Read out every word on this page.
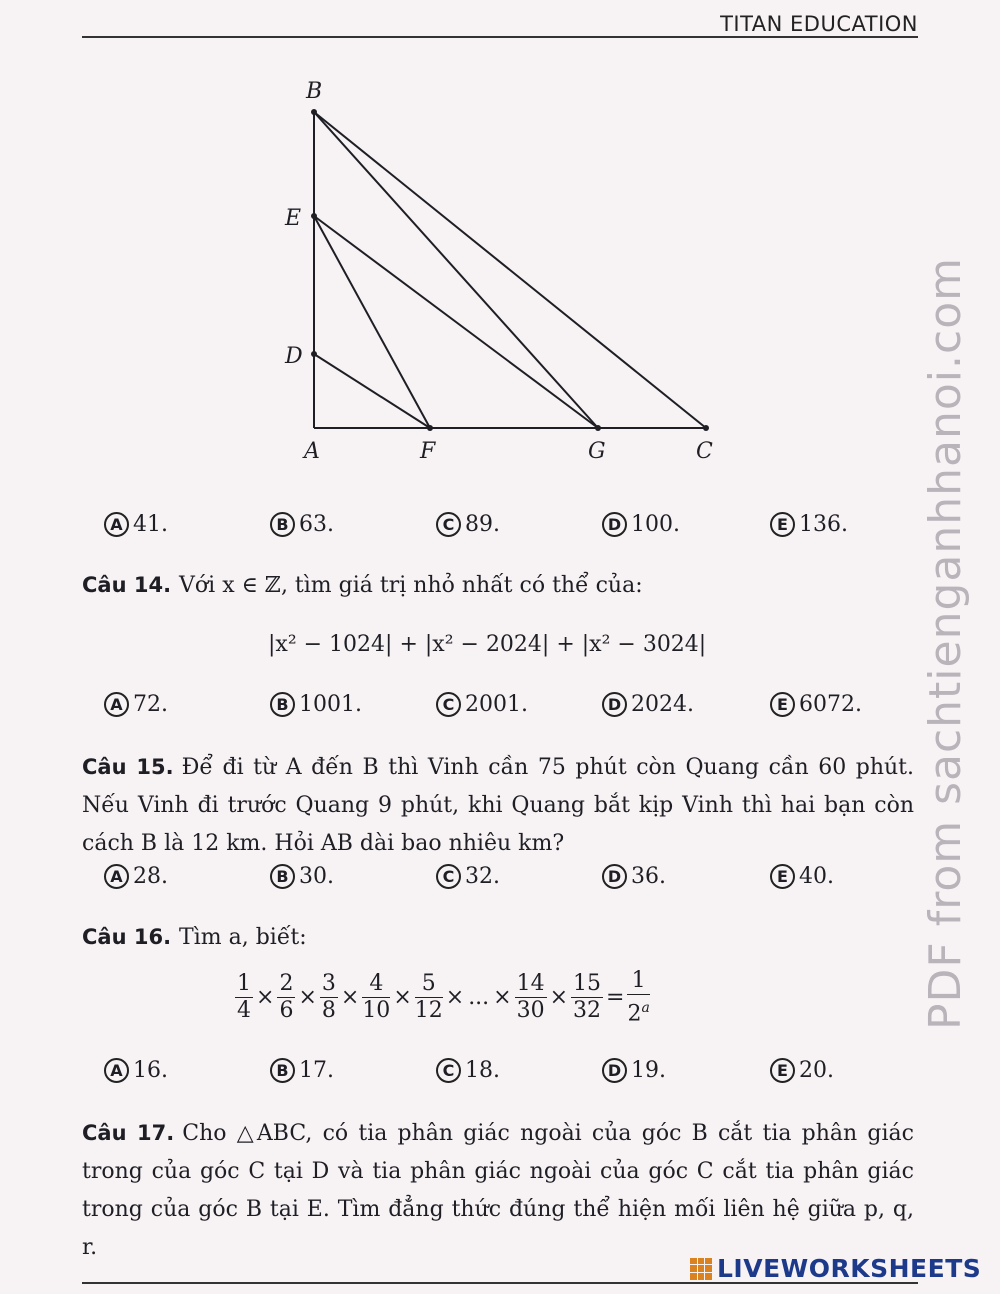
TITAN EDUCATION
B
E
D
A	F	G	C
A 41.	B 63.	C 89.	D 100.	E 136.
Câu 14. Với x ∈ ℤ, tìm giá trị nhỏ nhất có thể của:
|x² − 1024| + |x² − 2024| + |x² − 3024|
A 72.	B 1001.	C 2001.	D 2024.	E 6072.
Câu 15. Để đi từ A đến B thì Vinh cần 75 phút còn Quang cần 60 phút. Nếu Vinh đi trước Quang 9 phút, khi Quang bắt kịp Vinh thì hai bạn còn cách B là 12 km. Hỏi AB dài bao nhiêu km?
A 28.	B 30.	C 32.	D 36.	E 40.
Câu 16. Tìm a, biết:
$\frac{1}{4} \times \frac{2}{6} \times \frac{3}{8} \times \frac{4}{10} \times \frac{5}{12}$ × ... × $\frac{14}{30} \times \frac{15}{32} = \frac{1}{2^a}$
A 16.	B 17.	C 18.	D 19.	E 20.
Câu 17. Cho △ABC, có tia phân giác ngoài của góc B cắt tia phân giác trong của góc C tại D và tia phân giác ngoài của góc C cắt tia phân giác trong của góc B tại E. Tìm đẳng thức đúng thể hiện mối liên hệ giữa p, q, r.
PDF from sachtienganhhanoi.com
LIVEWORKSHEETS
